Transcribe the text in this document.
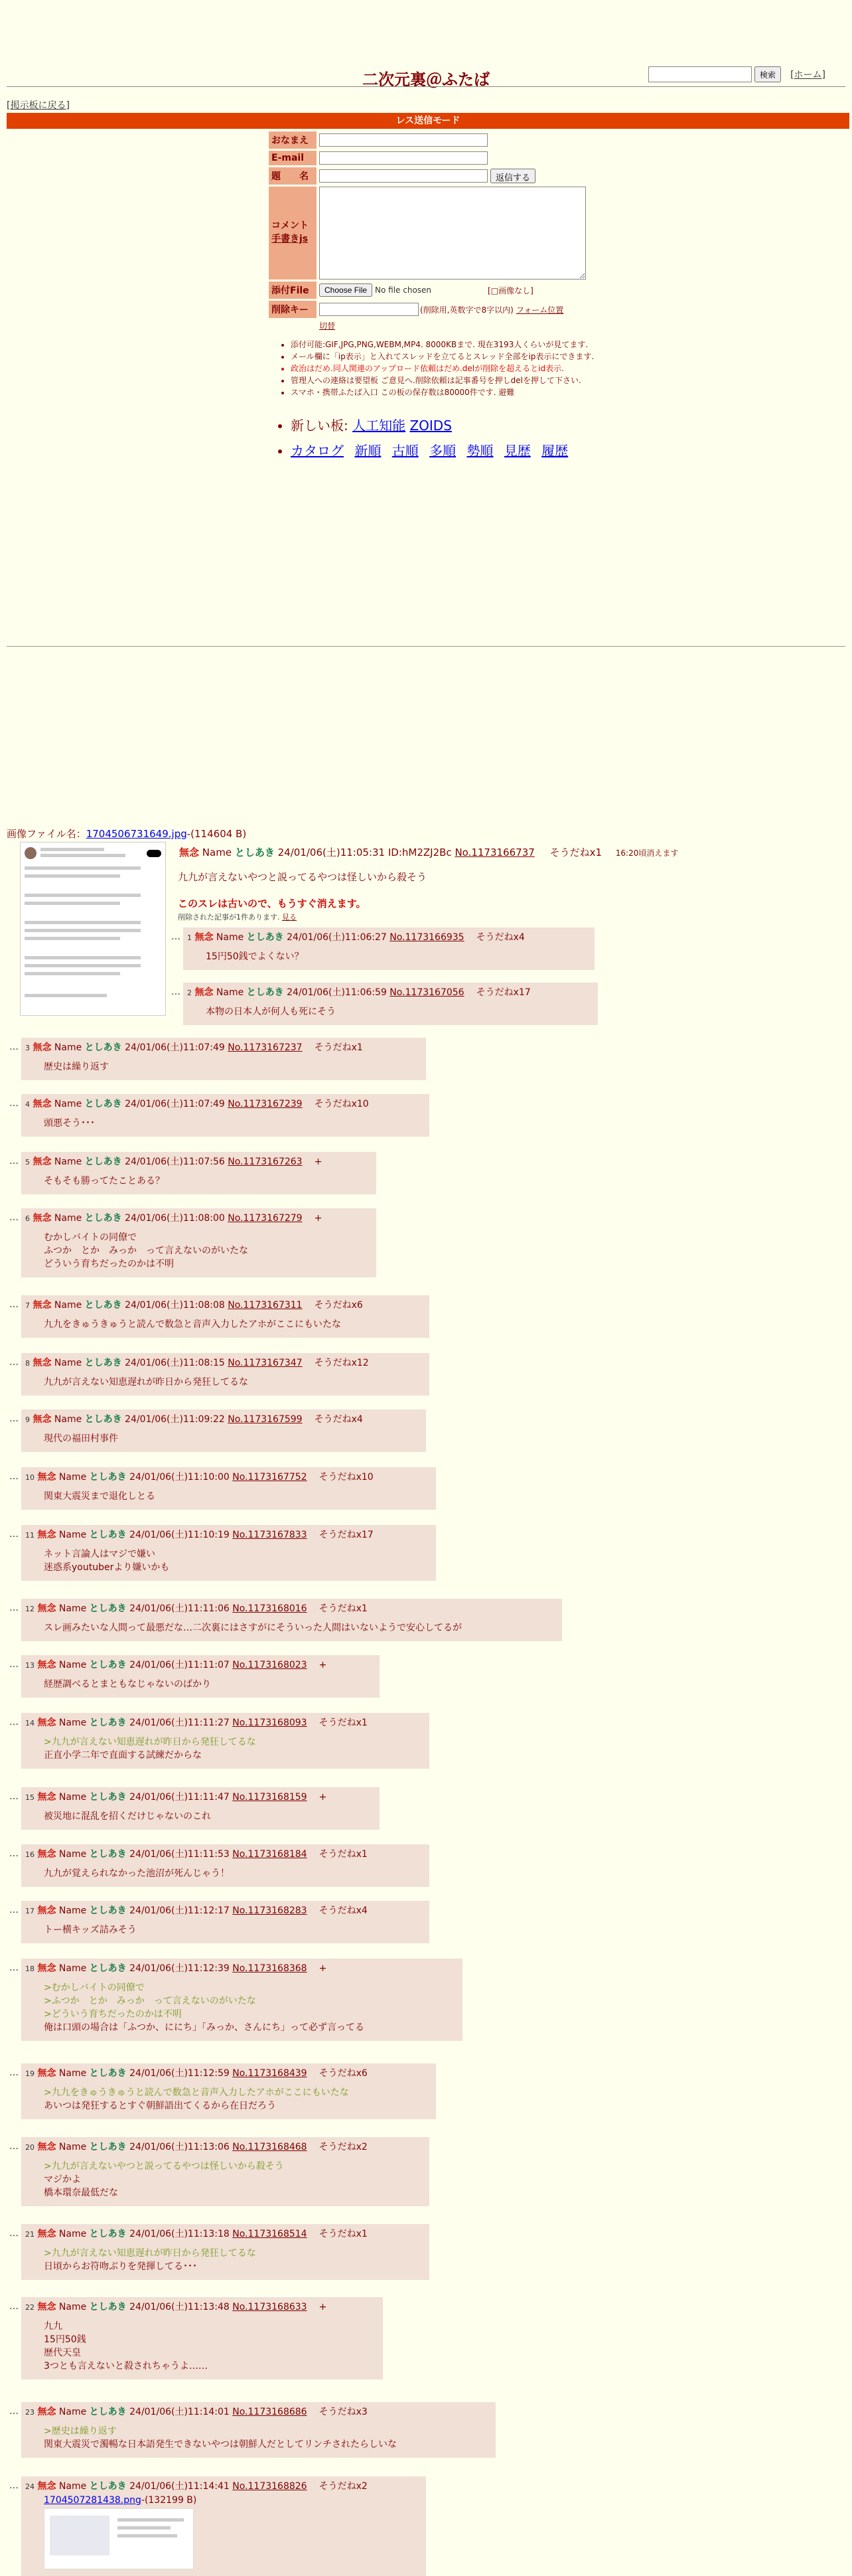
検索	[ホーム]
二次元裏＠ふたば
[掲示板に戻る]
レス送信モード
おなまえ
E-mail
題　　名	返信する
コメント
手書きjs
添付File	Choose File	No file chosen	[□画像なし]
削除キー	(削除用,英数字で8字以内) フォーム位置
切替
• 添付可能:GIF,JPG,PNG,WEBM,MP4. 8000KBまで. 現在3193人くらいが見てます.
• メール欄に「ip表示」と入れてスレッドを立てるとスレッド全部をip表示にできます.
• 政治はだめ.同人関連のアップロード依頼はだめ.delが削除を超えるとid表示.
• 管理人への連絡は要望板 ご意見へ.削除依頼は記事番号を押しdelを押して下さい.
• スマホ・携帯ふたば入口 この板の保存数は80000件です. 避難
• 新しい板: 人工知能 ZOIDS
• カタログ 新順 古順 多順 勢順 見歴 履歴
画像ファイル名：1704506731649.jpg-(114604 B)

無念 Name としあき 24/01/06(土)11:05:31 ID:hM2ZJ2Bc No.1173166737 そうだねx1 16:20頃消えます
九九が言えないやつと説ってるやつは怪しいから殺そう
このスレは古いので、もうすぐ消えます。
削除された記事が1件あります. 見る
… 1 無念 Name としあき 24/01/06(土)11:06:27 No.1173166935 そうだねx4
15円50銭でよくない？
… 2 無念 Name としあき 24/01/06(土)11:06:59 No.1173167056 そうだねx17
本物の日本人が何人も死にそう
… 3 無念 Name としあき 24/01/06(土)11:07:49 No.1173167237 そうだねx1
歴史は繰り返す
… 4 無念 Name としあき 24/01/06(土)11:07:49 No.1173167239 そうだねx10
頭悪そう･･･
… 5 無念 Name としあき 24/01/06(土)11:07:56 No.1173167263 +
そもそも勝ってたことある？
… 6 無念 Name としあき 24/01/06(土)11:08:00 No.1173167279 +
むかしバイトの同僚で
ふつか　とか　みっか　って言えないのがいたな
どういう育ちだったのかは不明
… 7 無念 Name としあき 24/01/06(土)11:08:08 No.1173167311 そうだねx6
九九をきゅうきゅうと読んで数急と音声入力したアホがここにもいたな
… 8 無念 Name としあき 24/01/06(土)11:08:15 No.1173167347 そうだねx12
九九が言えない知恵遅れが昨日から発狂してるな
… 9 無念 Name としあき 24/01/06(土)11:09:22 No.1173167599 そうだねx4
現代の福田村事件
… 10 無念 Name としあき 24/01/06(土)11:10:00 No.1173167752 そうだねx10
関東大震災まで退化しとる
… 11 無念 Name としあき 24/01/06(土)11:10:19 No.1173167833 そうだねx17
ネット言論人はマジで嫌い
迷惑系youtuberより嫌いかも
… 12 無念 Name としあき 24/01/06(土)11:11:06 No.1173168016 そうだねx1
スレ画みたいな人間って最悪だな…二次裏にはさすがにそういった人間はいないようで安心してるが
… 13 無念 Name としあき 24/01/06(土)11:11:07 No.1173168023 +
経歴調べるとまともなじゃないのばかり
… 14 無念 Name としあき 24/01/06(土)11:11:27 No.1173168093 そうだねx1
>九九が言えない知恵遅れが昨日から発狂してるな
正直小学二年で直面する試練だからな
… 15 無念 Name としあき 24/01/06(土)11:11:47 No.1173168159 +
被災地に混乱を招くだけじゃないのこれ
… 16 無念 Name としあき 24/01/06(土)11:11:53 No.1173168184 そうだねx1
九九が覚えられなかった池沼が死んじゃう！
… 17 無念 Name としあき 24/01/06(土)11:12:17 No.1173168283 そうだねx4
トー横キッズ詰みそう
… 18 無念 Name としあき 24/01/06(土)11:12:39 No.1173168368 +
>むかしバイトの同僚で
>ふつか　とか　みっか　って言えないのがいたな
>どういう育ちだったのかは不明
俺は口頭の場合は「ふつか、ににち」「みっか、さんにち」って必ず言ってる
… 19 無念 Name としあき 24/01/06(土)11:12:59 No.1173168439 そうだねx6
>九九をきゅうきゅうと読んで数急と音声入力したアホがここにもいたな
あいつは発狂するとすぐ朝鮮語出てくるから在日だろう
… 20 無念 Name としあき 24/01/06(土)11:13:06 No.1173168468 そうだねx2
>九九が言えないやつと説ってるやつは怪しいから殺そう
マジかよ
橋本環奈最低だな
… 21 無念 Name としあき 24/01/06(土)11:13:18 No.1173168514 そうだねx1
>九九が言えない知恵遅れが昨日から発狂してるな
日頃からお符吻ぶりを発揮してる･･･
… 22 無念 Name としあき 24/01/06(土)11:13:48 No.1173168633 +
九九
15円50銭
歴代天皇
3つとも言えないと殺されちゃうよ……
… 23 無念 Name としあき 24/01/06(土)11:14:01 No.1173168686 そうだねx3
>歴史は繰り返す
関東大震災で濁暢な日本語発生できないやつは朝鮮人だとしてリンチされたらしいな
… 24 無念 Name としあき 24/01/06(土)11:14:41 No.1173168826 そうだねx2
1704507281438.png-(132199 B)
